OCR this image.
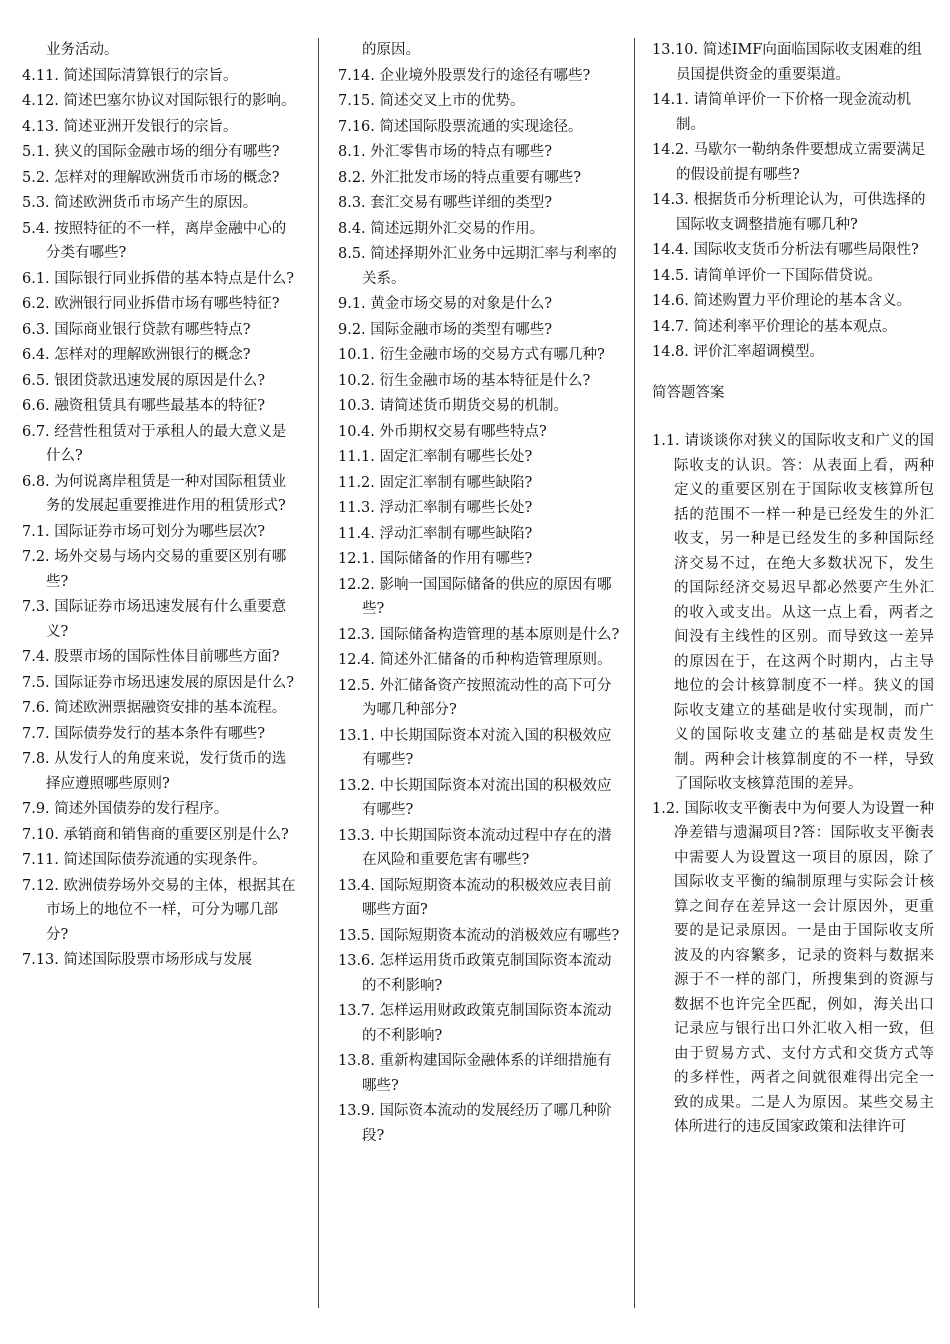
业务活动。

4.11. 简述国际清算银行的宗旨。

4.12. 简述巴塞尔协议对国际银行的影响。

4.13. 简述亚洲开发银行的宗旨。

5.1. 狭义的国际金融市场的细分有哪些?

5.2. 怎样对的理解欧洲货币市场的概念?

5.3. 简述欧洲货币市场产生的原因。

5.4. 按照特征的不一样，离岸金融中心的分类有哪些?

6.1. 国际银行同业拆借的基本特点是什么?

6.2. 欧洲银行同业拆借市场有哪些特征?

6.3. 国际商业银行贷款有哪些特点?

6.4. 怎样对的理解欧洲银行的概念?

6.5. 银团贷款迅速发展的原因是什么?

6.6. 融资租赁具有哪些最基本的特征?

6.7. 经营性租赁对于承租人的最大意义是什么?

6.8. 为何说离岸租赁是一种对国际租赁业务的发展起重要推进作用的租赁形式?

7.1. 国际证券市场可划分为哪些层次?

7.2. 场外交易与场内交易的重要区别有哪些?

7.3. 国际证券市场迅速发展有什么重要意义?

7.4. 股票市场的国际性体目前哪些方面?

7.5. 国际证券市场迅速发展的原因是什么?

7.6. 简述欧洲票据融资安排的基本流程。

7.7. 国际债券发行的基本条件有哪些?

7.8. 从发行人的角度来说，发行货币的选择应遵照哪些原则?

7.9. 简述外国债券的发行程序。

7.10. 承销商和销售商的重要区别是什么?

7.11. 简述国际债券流通的实现条件。

7.12. 欧洲债券场外交易的主体，根据其在市场上的地位不一样，可分为哪几部分?

7.13. 简述国际股票市场形成与发展

的原因。

7.14. 企业境外股票发行的途径有哪些?

7.15. 简述交叉上市的优势。

7.16. 简述国际股票流通的实现途径。

8.1. 外汇零售市场的特点有哪些?

8.2. 外汇批发市场的特点重要有哪些?

8.3. 套汇交易有哪些详细的类型?

8.4. 简述远期外汇交易的作用。

8.5. 简述择期外汇业务中远期汇率与利率的关系。

9.1. 黄金市场交易的对象是什么?

9.2. 国际金融市场的类型有哪些?

10.1. 衍生金融市场的交易方式有哪几种?

10.2. 衍生金融市场的基本特征是什么?

10.3. 请简述货币期货交易的机制。

10.4. 外币期权交易有哪些特点?

11.1. 固定汇率制有哪些长处?

11.2. 固定汇率制有哪些缺陷?

11.3. 浮动汇率制有哪些长处?

11.4. 浮动汇率制有哪些缺陷?

12.1. 国际储备的作用有哪些?

12.2. 影响一国国际储备的供应的原因有哪些?

12.3. 国际储备构造管理的基本原则是什么?

12.4. 简述外汇储备的币种构造管理原则。

12.5. 外汇储备资产按照流动性的高下可分为哪几种部分?

13.1. 中长期国际资本对流入国的积极效应有哪些?

13.2. 中长期国际资本对流出国的积极效应有哪些?

13.3. 中长期国际资本流动过程中存在的潜在风险和重要危害有哪些?

13.4. 国际短期资本流动的积极效应表目前哪些方面?

13.5. 国际短期资本流动的消极效应有哪些?

13.6. 怎样运用货币政策克制国际资本流动的不利影响?

13.7. 怎样运用财政政策克制国际资本流动的不利影响?

13.8. 重新构建国际金融体系的详细措施有哪些?

13.9. 国际资本流动的发展经历了哪几种阶段?

13.10. 简述IMF向面临国际收支困难的组员国提供资金的重要渠道。

14.1. 请简单评价一下价格一现金流动机制。

14.2. 马歇尔一勒纳条件要想成立需要满足的假设前提有哪些?

14.3. 根据货币分析理论认为，可供选择的国际收支调整措施有哪几种?

14.4. 国际收支货币分析法有哪些局限性?

14.5. 请简单评价一下国际借贷说。

14.6. 简述购置力平价理论的基本含义。

14.7. 简述利率平价理论的基本观点。

14.8. 评价汇率超调模型。

简答题答案

1.1. 请谈谈你对狭义的国际收支和广义的国际收支的认识。答：从表面上看，两种定义的重要区别在于国际收支核算所包括的范围不一样一种是已经发生的外汇收支，另一种是已经发生的多种国际经济交易不过，在绝大多数状况下，发生的国际经济交易迟早都必然要产生外汇的收入或支出。从这一点上看，两者之间没有主线性的区别。而导致这一差异的原因在于，在这两个时期内，占主导地位的会计核算制度不一样。狭义的国际收支建立的基础是收付实现制，而广义的国际收支建立的基础是权责发生制。两种会计核算制度的不一样，导致了国际收支核算范围的差异。

1.2. 国际收支平衡表中为何要人为设置一种净差错与遗漏项目?答：国际收支平衡表中需要人为设置这一项目的原因，除了国际收支平衡的编制原理与实际会计核算之间存在差异这一会计原因外，更重要的是记录原因。一是由于国际收支所波及的内容繁多，记录的资料与数据来源于不一样的部门，所搜集到的资源与数据不也许完全匹配，例如，海关出口记录应与银行出口外汇收入相一致，但由于贸易方式、支付方式和交货方式等的多样性，两者之间就很难得出完全一致的成果。二是人为原因。某些交易主体所进行的违反国家政策和法律许可
